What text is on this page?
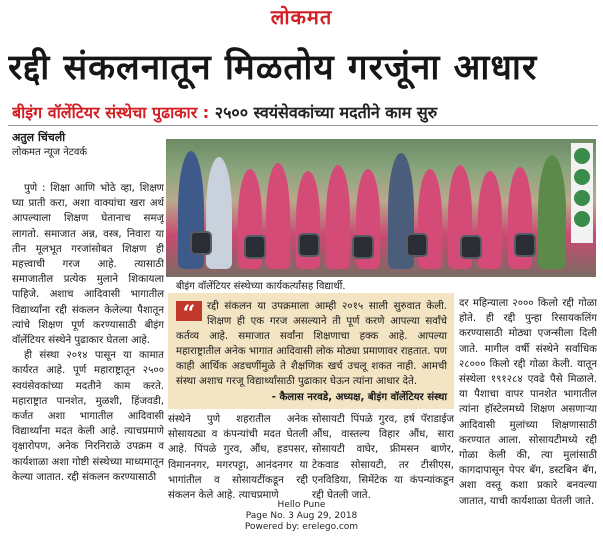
लोकमत
रद्दी संकलनातून मिळतोय गरजूंना आधार
बीइंग वॉलेंटियर संस्थेचा पुढाकार : २५०० स्वयंसेवकांच्या मदतीने काम सुरु
अतुल चिंचली
लोकमत न्यूज नेटवर्क

पुणे : शिक्षा आणि भोठे व्हा, शिक्षण घ्या प्राती करा, अशा वाक्यांचा खरा अर्थ आपल्याला शिक्षण घेतानाच समजू लागतो. समाजात अन्न, वस्त्र, निवारा या तीन मूलभूत गरजांसोबत शिक्षण ही महत्त्वाची गरज आहे. त्यासाठी समाजातील प्रत्येक मुलाने शिकायला पाहिजे. अशाच आदिवासी भागातील विद्यार्थ्यांना रद्दी संकलन केलेल्या पैशातून त्यांचे शिक्षण पूर्ण करण्यासाठी बीइंग वॉलेंटियर संस्थेने पुढाकार घेतला आहे.

ही संस्था २०१४ पासून या कामात कार्यरत आहे. पूर्ण महाराष्ट्रातून २५०० स्वयंसेवकांच्या मदतीने काम करते. महाराष्ट्रात पानशेत, मुळशी, हिंजवडी, कर्जत अशा भागातील आदिवासी विद्यार्थ्यांना मदत केली आहे. त्याचप्रमाणे वृक्षारोपण, अनेक निरनिराळे उपक्रम व कार्यशाळा अशा गोष्टी संस्थेच्या माध्यमातून केल्या जातात. रद्दी संकलन करण्यासाठी

बीइंग वॉलेंटियर संस्थेच्या कार्यकर्त्यांसह विद्यार्थी.
“	रद्दी संकलन या उपक्रमाला आम्ही २०१५ साली सुरुवात केली. शिक्षण ही एक गरज असल्याने ती पूर्ण करणे आपल्या सर्वांचे कर्तव्य आहे. समाजात सर्वांना शिक्षणाचा हक्क आहे. आपल्या महाराष्ट्रातील अनेक भागात आदिवासी लोक मोठ्या प्रमाणावर राहतात. पण काही आर्थिक अडचणींमुळे ते शैक्षणिक खर्च उचलू शकत नाही. आमची संस्था अशाच गरजू विद्यार्थ्यांसाठी पुढाकार घेऊन त्यांना आधार देते.
- कैलास नरवडे, अध्यक्ष, बीइंग वॉलेंटियर संस्था
संस्थेने पुणे शहरातील अनेक सोसायट्या व कंपन्यांची मदत घेतली आहे. पिंपळे गुरव, औंध, हडपसर, विमाननगर, मगरपट्टा, आनंदनगर या भागांतील व सोसायटींकडून रद्दी संकलन केले आहे. त्याचप्रमाणे
सोसायटी पिंपळे गुरव, हर्ष पॅराडाईज औंध, वास्तल्य विहार औंध, सारा सोसायटी वाघेर, फ्रीमसन बाणेर, टेकवाड सोसायटी, तर टीसीएस, एनविडिया, सिमेंटेक या कंपन्यांकडून रद्दी घेतली जाते.
दर महिन्याला २००० किलो रद्दी गोळा होते. ही रद्दी पुन्हा रिसायकलिंग करण्यासाठी मोठ्या एजन्सीला दिली जाते. मागील वर्षी संस्थेने सर्वाधिक २८००० किलो रद्दी गोळा केली. यातून संस्थेला १९१२८४ एवढे पैसे मिळाले. या पैशाचा वापर पानशेत भागातील त्यांना हॉस्टेलमध्ये शिक्षण असणाऱ्या आदिवासी मुलांच्या शिक्षणासाठी करण्यात आला. सोसायटीमध्ये रद्दी गोळा केली की, त्या मुलांसाठी कागदापासून पेपर बॅग, डस्टबिन बॅग, अशा वस्तू कशा प्रकारे बनवल्या जातात, याची कार्यशाळा घेतली जाते.
Hello Pune
Page No. 3 Aug 29, 2018
Powered by: erelego.com
